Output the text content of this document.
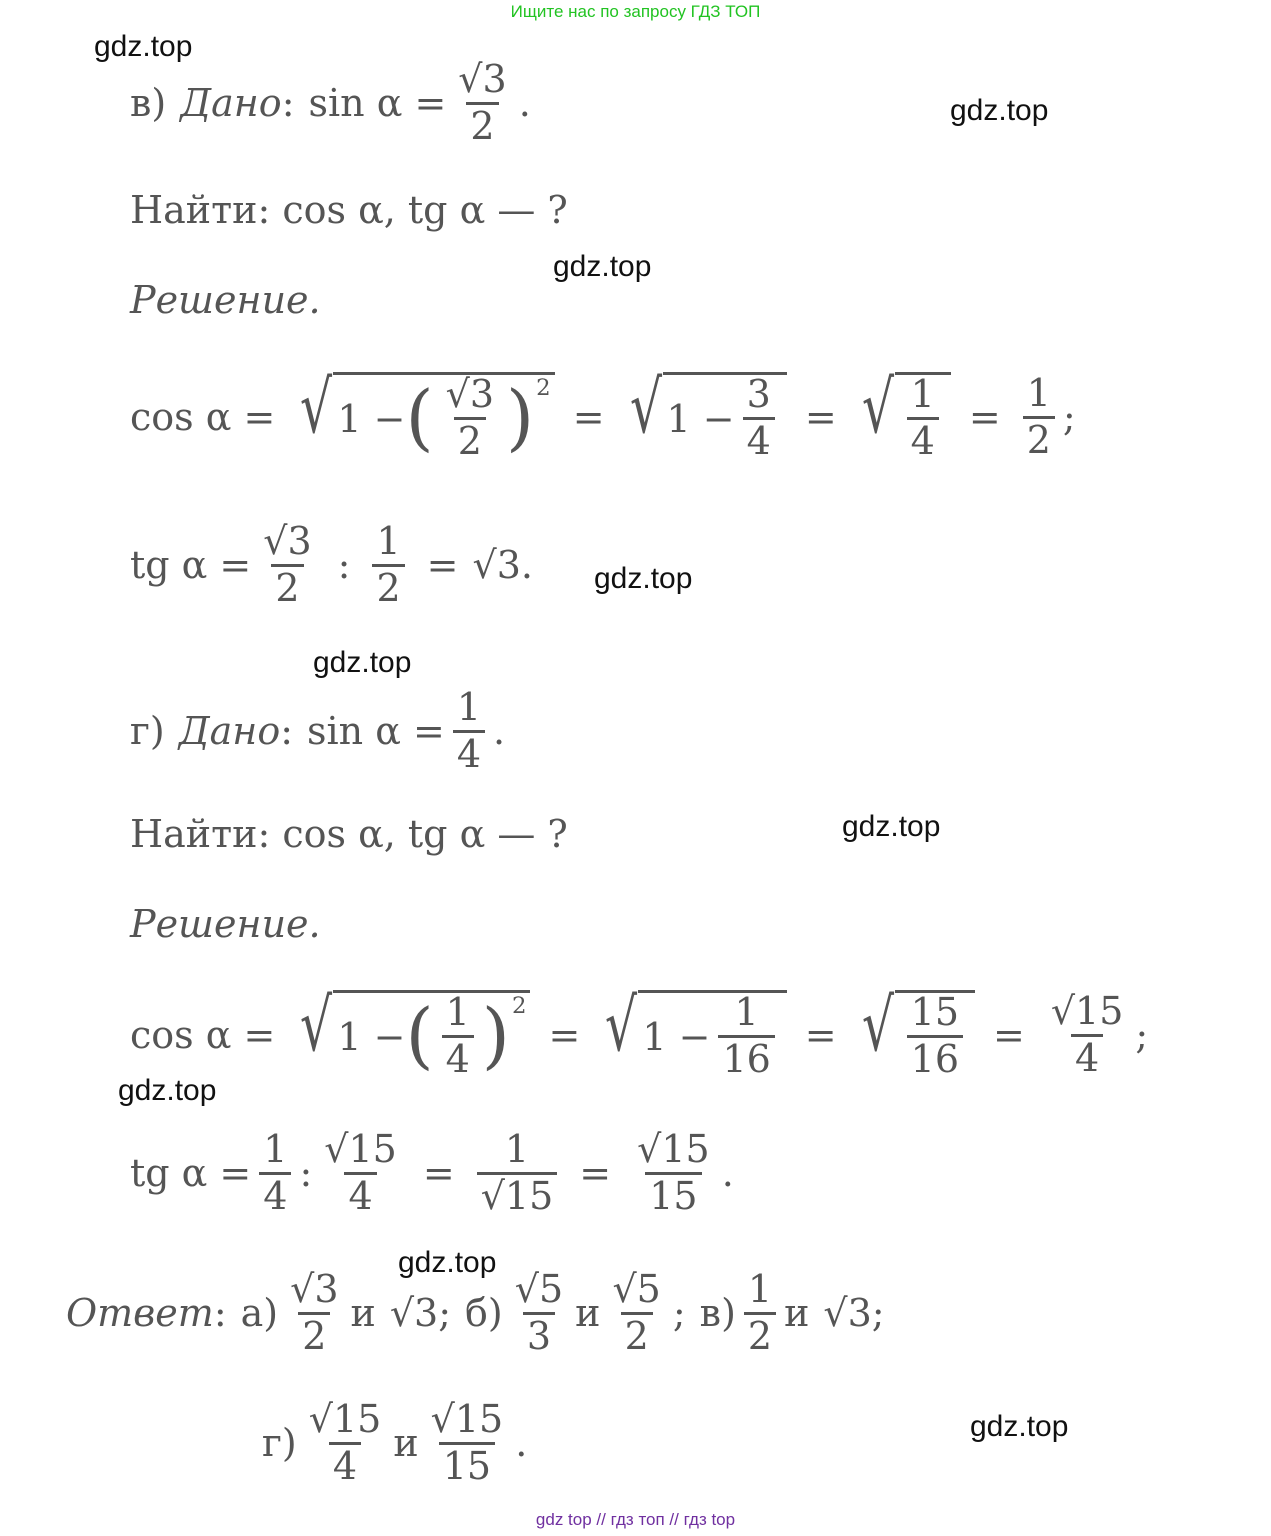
Ищите нас по запросу ГДЗ ТОП
gdz.top
gdz.top
gdz.top
gdz.top
gdz.top
gdz.top
gdz.top
gdz.top
gdz.top
в) Дано : $\sin \alpha = \frac{√3}{2}$ .
Найти: cos α, tg α — ?
Решение.
cos α = √ 1 − ( $\frac{√3}{2}$ ) 2
= √ $1 - \frac{3}{4}$ = √ $\frac{1}{4} = \frac{1}{2}$ ;
tg $\alpha = \frac{√3}{2}$ : $\frac{1}{2} = √3$ .
г) Дано : $\sin \alpha = \frac{1}{4}$ .
Найти: cos α, tg α — ?
Решение.
cos α = √ 1 − ( $\frac{1}{4}$ ) 2
= √ $1 - \frac{1}{16}$ = √ $\frac{15}{16} = \frac{√15}{4}$ ;
tg $\alpha = \frac{1}{4}$ : $\frac{√15}{4} = \frac{1}{√15} = \frac{√15}{15}$ .
Ответ : $а) \frac{√3}{2}$ и √3 ; $б) \frac{√5}{3}$ и $\frac{√5}{2}$ ; $в) \frac{1}{2}$ и √3 ;
$г) \frac{√15}{4}$ и $\frac{√15}{15}$ .
gdz top // гдз топ // гдз top
